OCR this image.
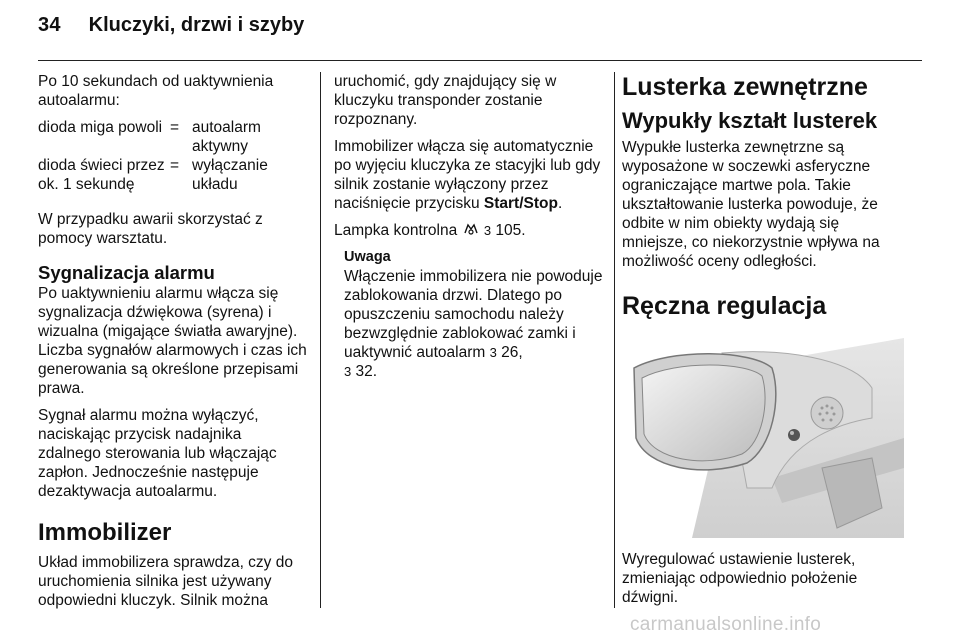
34 Kluczyki, drzwi i szyby

Po 10 sekundach od uaktywnienia autoalarmu:

dioda miga powoli = autoalarm aktywny
dioda świeci przez ok. 1 sekundę
= wyłączanie układu

W przypadku awarii skorzystać z pomocy warsztatu.

Sygnalizacja alarmu

Po uaktywnieniu alarmu włącza się sygnalizacja dźwiękowa (syrena) i wizualna (migające światła awaryjne). Liczba sygnałów alarmowych i czas ich generowania są określone przepisami prawa.

Sygnał alarmu można wyłączyć, naciskając przycisk nadajnika zdalnego sterowania lub włączając zapłon. Jednocześnie następuje dezaktywacja autoalarmu.

Immobilizer

Układ immobilizera sprawdza, czy do uruchomienia silnika jest używany odpowiedni kluczyk. Silnik można

uruchomić, gdy znajdujący się w kluczyku transponder zostanie rozpoznany.

Immobilizer włącza się automatycznie po wyjęciu kluczyka ze stacyjki lub gdy silnik zostanie wyłączony przez naciśnięcie przycisku Start/Stop.

Lampka kontrolna  3 105.

Uwaga
Włączenie immobilizera nie powoduje zablokowania drzwi. Dlatego po opuszczeniu samochodu należy bezwzględnie zablokować zamki i uaktywnić autoalarm 3 26,
3 32.
Lusterka zewnętrzne
Wypukły kształt lusterek

Wypukłe lusterka zewnętrzne są wyposażone w soczewki asferyczne ograniczające martwe pola. Takie ukształtowanie lusterka powoduje, że odbite w nim obiekty wydają się mniejsze, co niekorzystnie wpływa na możliwość oceny odległości.

Ręczna regulacja
Wyregulować ustawienie lusterek, zmieniając odpowiednio położenie dźwigni.
carmanualsonline.info
